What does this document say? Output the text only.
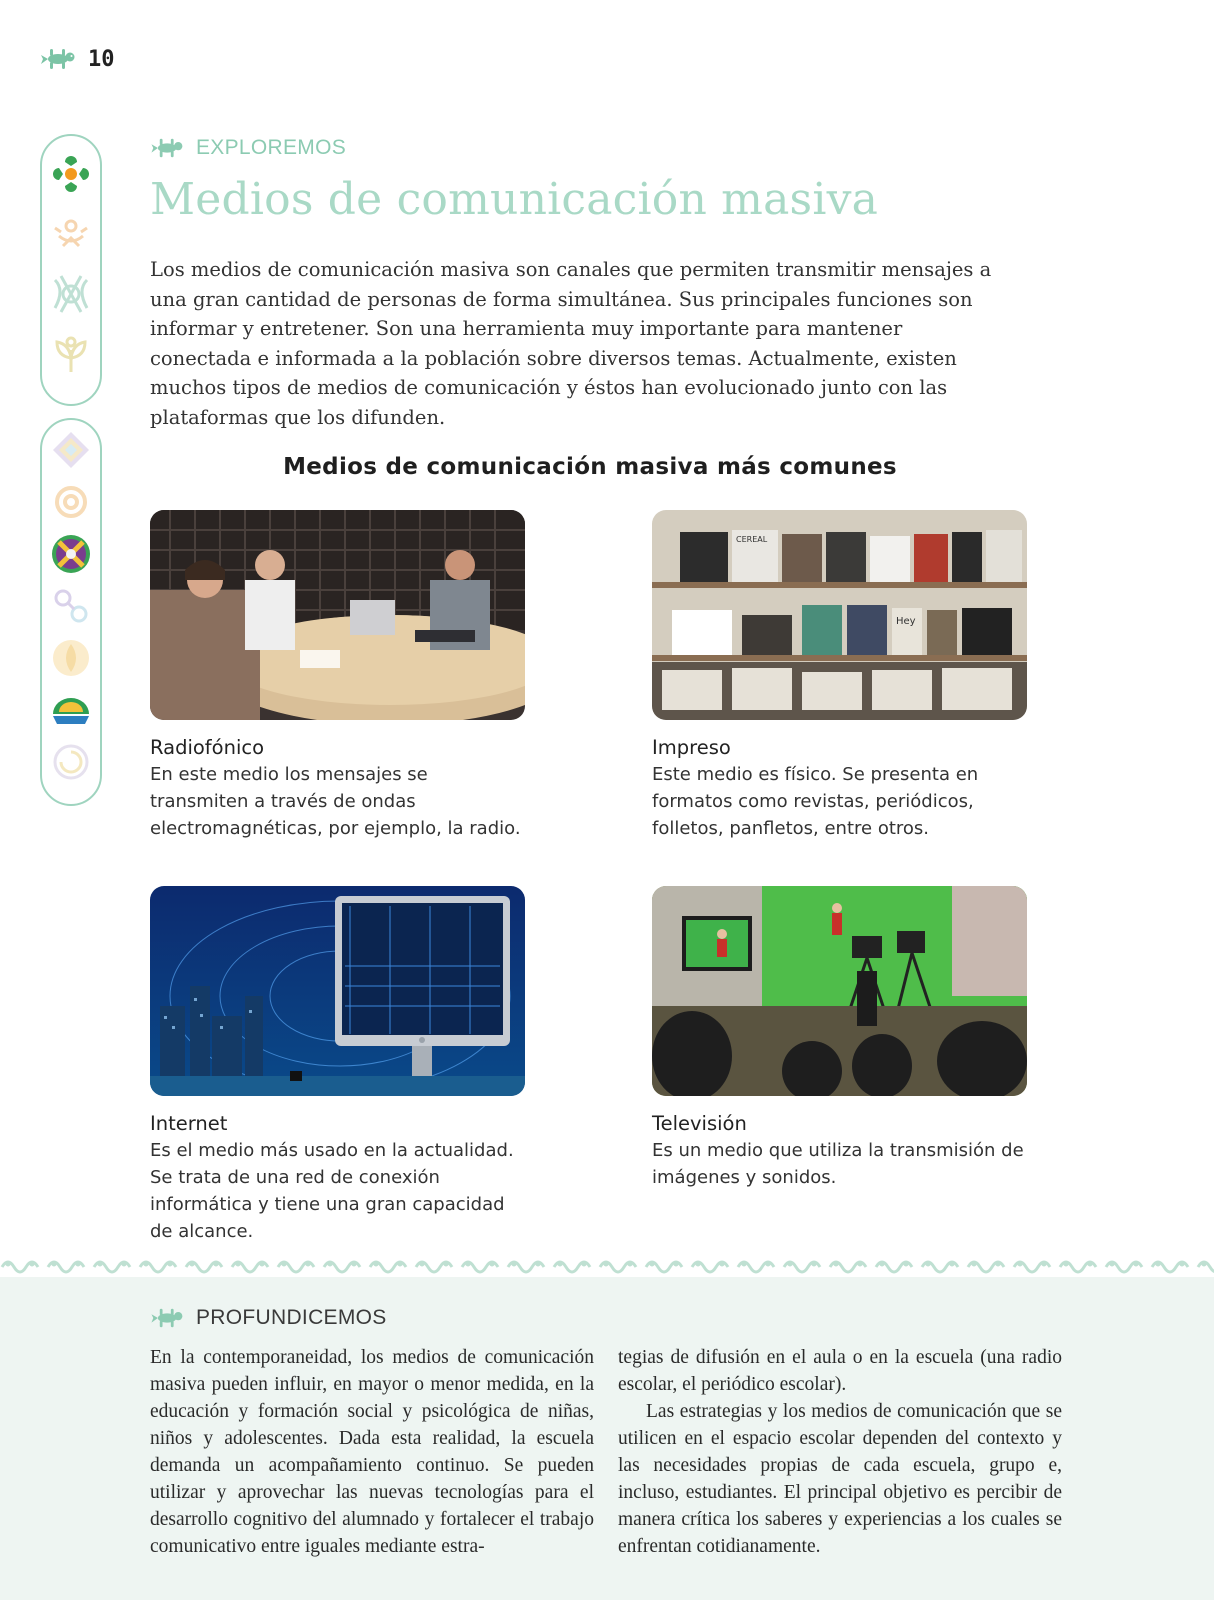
10
EXPLOREMOS
Medios de comunicación masiva

Los medios de comunicación masiva son canales que permiten transmitir mensajes a una gran cantidad de personas de forma simultánea. Sus principales funciones son informar y entretener. Son una herramienta muy importante para mantener conectada e informada a la población sobre diversos temas. Actualmente, existen muchos tipos de medios de comunicación y éstos han evolucionado junto con las plataformas que los difunden.

Medios de comunicación masiva más comunes

Radiofónico

En este medio los mensajes se transmiten a través de ondas electromagnéticas, por ejemplo, la radio.

CEREAL
Hey

Impreso

Este medio es físico. Se presenta en formatos como revistas, periódicos, folletos, panfletos, entre otros.

Internet

Es el medio más usado en la actualidad. Se trata de una red de conexión informática y tiene una gran capacidad de alcance.

Televisión

Es un medio que utiliza la transmisión de imágenes y sonidos.

PROFUNDICEMOS

En la contemporaneidad, los medios de comunicación masiva pueden influir, en mayor o menor medida, en la educación y formación social y psicológica de niñas, niños y adolescentes. Dada esta realidad, la escuela demanda un acompañamiento continuo. Se pueden utilizar y aprovechar las nuevas tecnologías para el desarrollo cognitivo del alumnado y fortalecer el trabajo comunicativo entre iguales mediante estra-

tegias de difusión en el aula o en la escuela (una radio escolar, el periódico escolar).

Las estrategias y los medios de comunicación que se utilicen en el espacio escolar dependen del contexto y las necesidades propias de cada escuela, grupo e, incluso, estudiantes. El principal objetivo es percibir de manera crítica los saberes y experiencias a los cuales se enfrentan cotidianamente.
